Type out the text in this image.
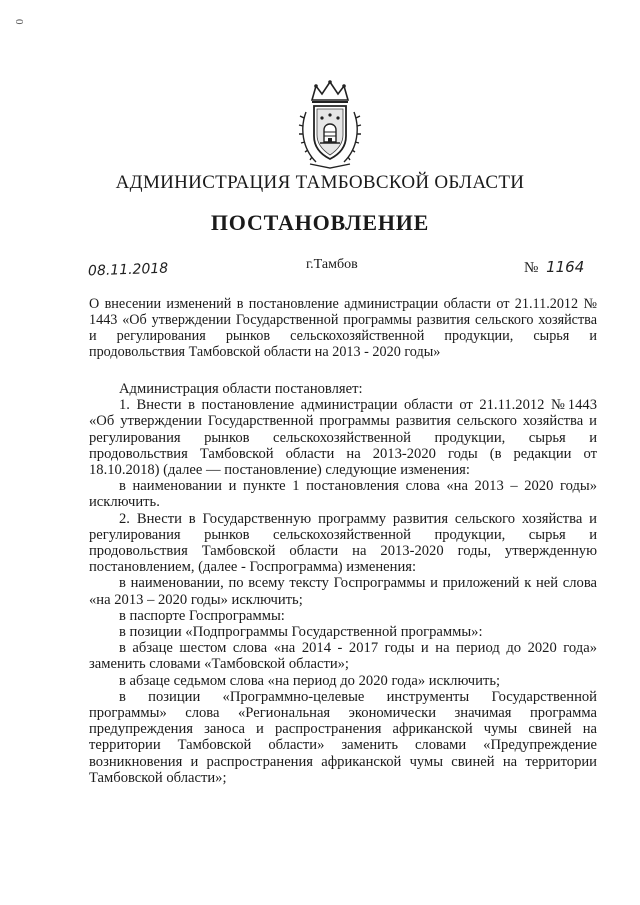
0
АДМИНИСТРАЦИЯ ТАМБОВСКОЙ ОБЛАСТИ
ПОСТАНОВЛЕНИЕ
08.11.2018	г.Тамбов	№ 1164
О внесении изменений в постановление администрации области от 21.11.2012 № 1443 «Об утверждении Государственной программы развития сельского хозяйства и регулирования рынков сельскохозяйственной продукции, сырья и продовольствия Тамбовской области на 2013 - 2020 годы»

Администрация области постановляет:

1. Внести в постановление администрации области от 21.11.2012 №1443 «Об утверждении Государственной программы развития сельского хозяйства и регулирования рынков сельскохозяйственной продукции, сырья и продовольствия Тамбовской области на 2013-2020 годы (в редакции от 18.10.2018) (далее — постановление) следующие изменения:

в наименовании и пункте 1 постановления слова «на 2013 – 2020 годы» исключить.

2. Внести в Государственную программу развития сельского хозяйства и регулирования рынков сельскохозяйственной продукции, сырья и продовольствия Тамбовской области на 2013-2020 годы, утвержденную постановлением, (далее - Госпрограмма) изменения:

в наименовании, по всему тексту Госпрограммы и приложений к ней слова «на 2013 – 2020 годы» исключить;

в паспорте Госпрограммы:

в позиции «Подпрограммы Государственной программы»:

в абзаце шестом слова «на 2014 - 2017 годы и на период до 2020 года» заменить словами «Тамбовской области»;

в абзаце седьмом слова «на период до 2020 года» исключить;

в позиции «Программно-целевые инструменты Государственной программы» слова «Региональная экономически значимая программа предупреждения заноса и распространения африканской чумы свиней на территории Тамбовской области» заменить словами «Предупреждение возникновения и распространения африканской чумы свиней на территории Тамбовской области»;
